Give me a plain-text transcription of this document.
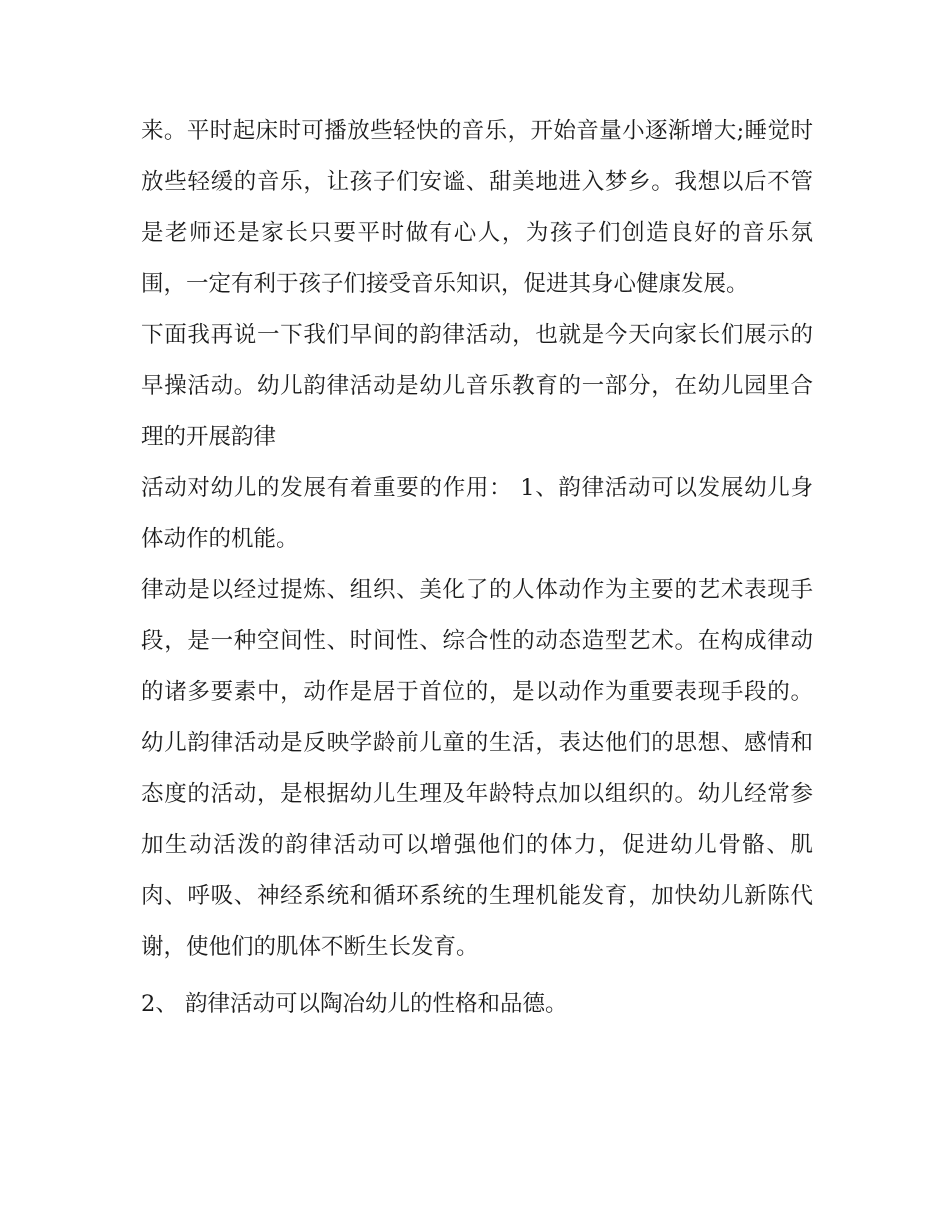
来。平时起床时可播放些轻快的音乐，开始音量小逐渐增大;睡觉时放些轻缓的音乐，让孩子们安谧、甜美地进入梦乡。我想以后不管是老师还是家长只要平时做有心人，为孩子们创造良好的音乐氛围，一定有利于孩子们接受音乐知识，促进其身心健康发展。

下面我再说一下我们早间的韵律活动，也就是今天向家长们展示的早操活动。幼儿韵律活动是幼儿音乐教育的一部分，在幼儿园里合理的开展韵律

活动对幼儿的发展有着重要的作用： 1、韵律活动可以发展幼儿身体动作的机能。

律动是以经过提炼、组织、美化了的人体动作为主要的艺术表现手段，是一种空间性、时间性、综合性的动态造型艺术。在构成律动的诸多要素中，动作是居于首位的，是以动作为重要表现手段的。幼儿韵律活动是反映学龄前儿童的生活，表达他们的思想、感情和态度的活动，是根据幼儿生理及年龄特点加以组织的。幼儿经常参加生动活泼的韵律活动可以增强他们的体力，促进幼儿骨骼、肌肉、呼吸、神经系统和循环系统的生理机能发育，加快幼儿新陈代谢，使他们的肌体不断生长发育。

2、 韵律活动可以陶冶幼儿的性格和品德。
